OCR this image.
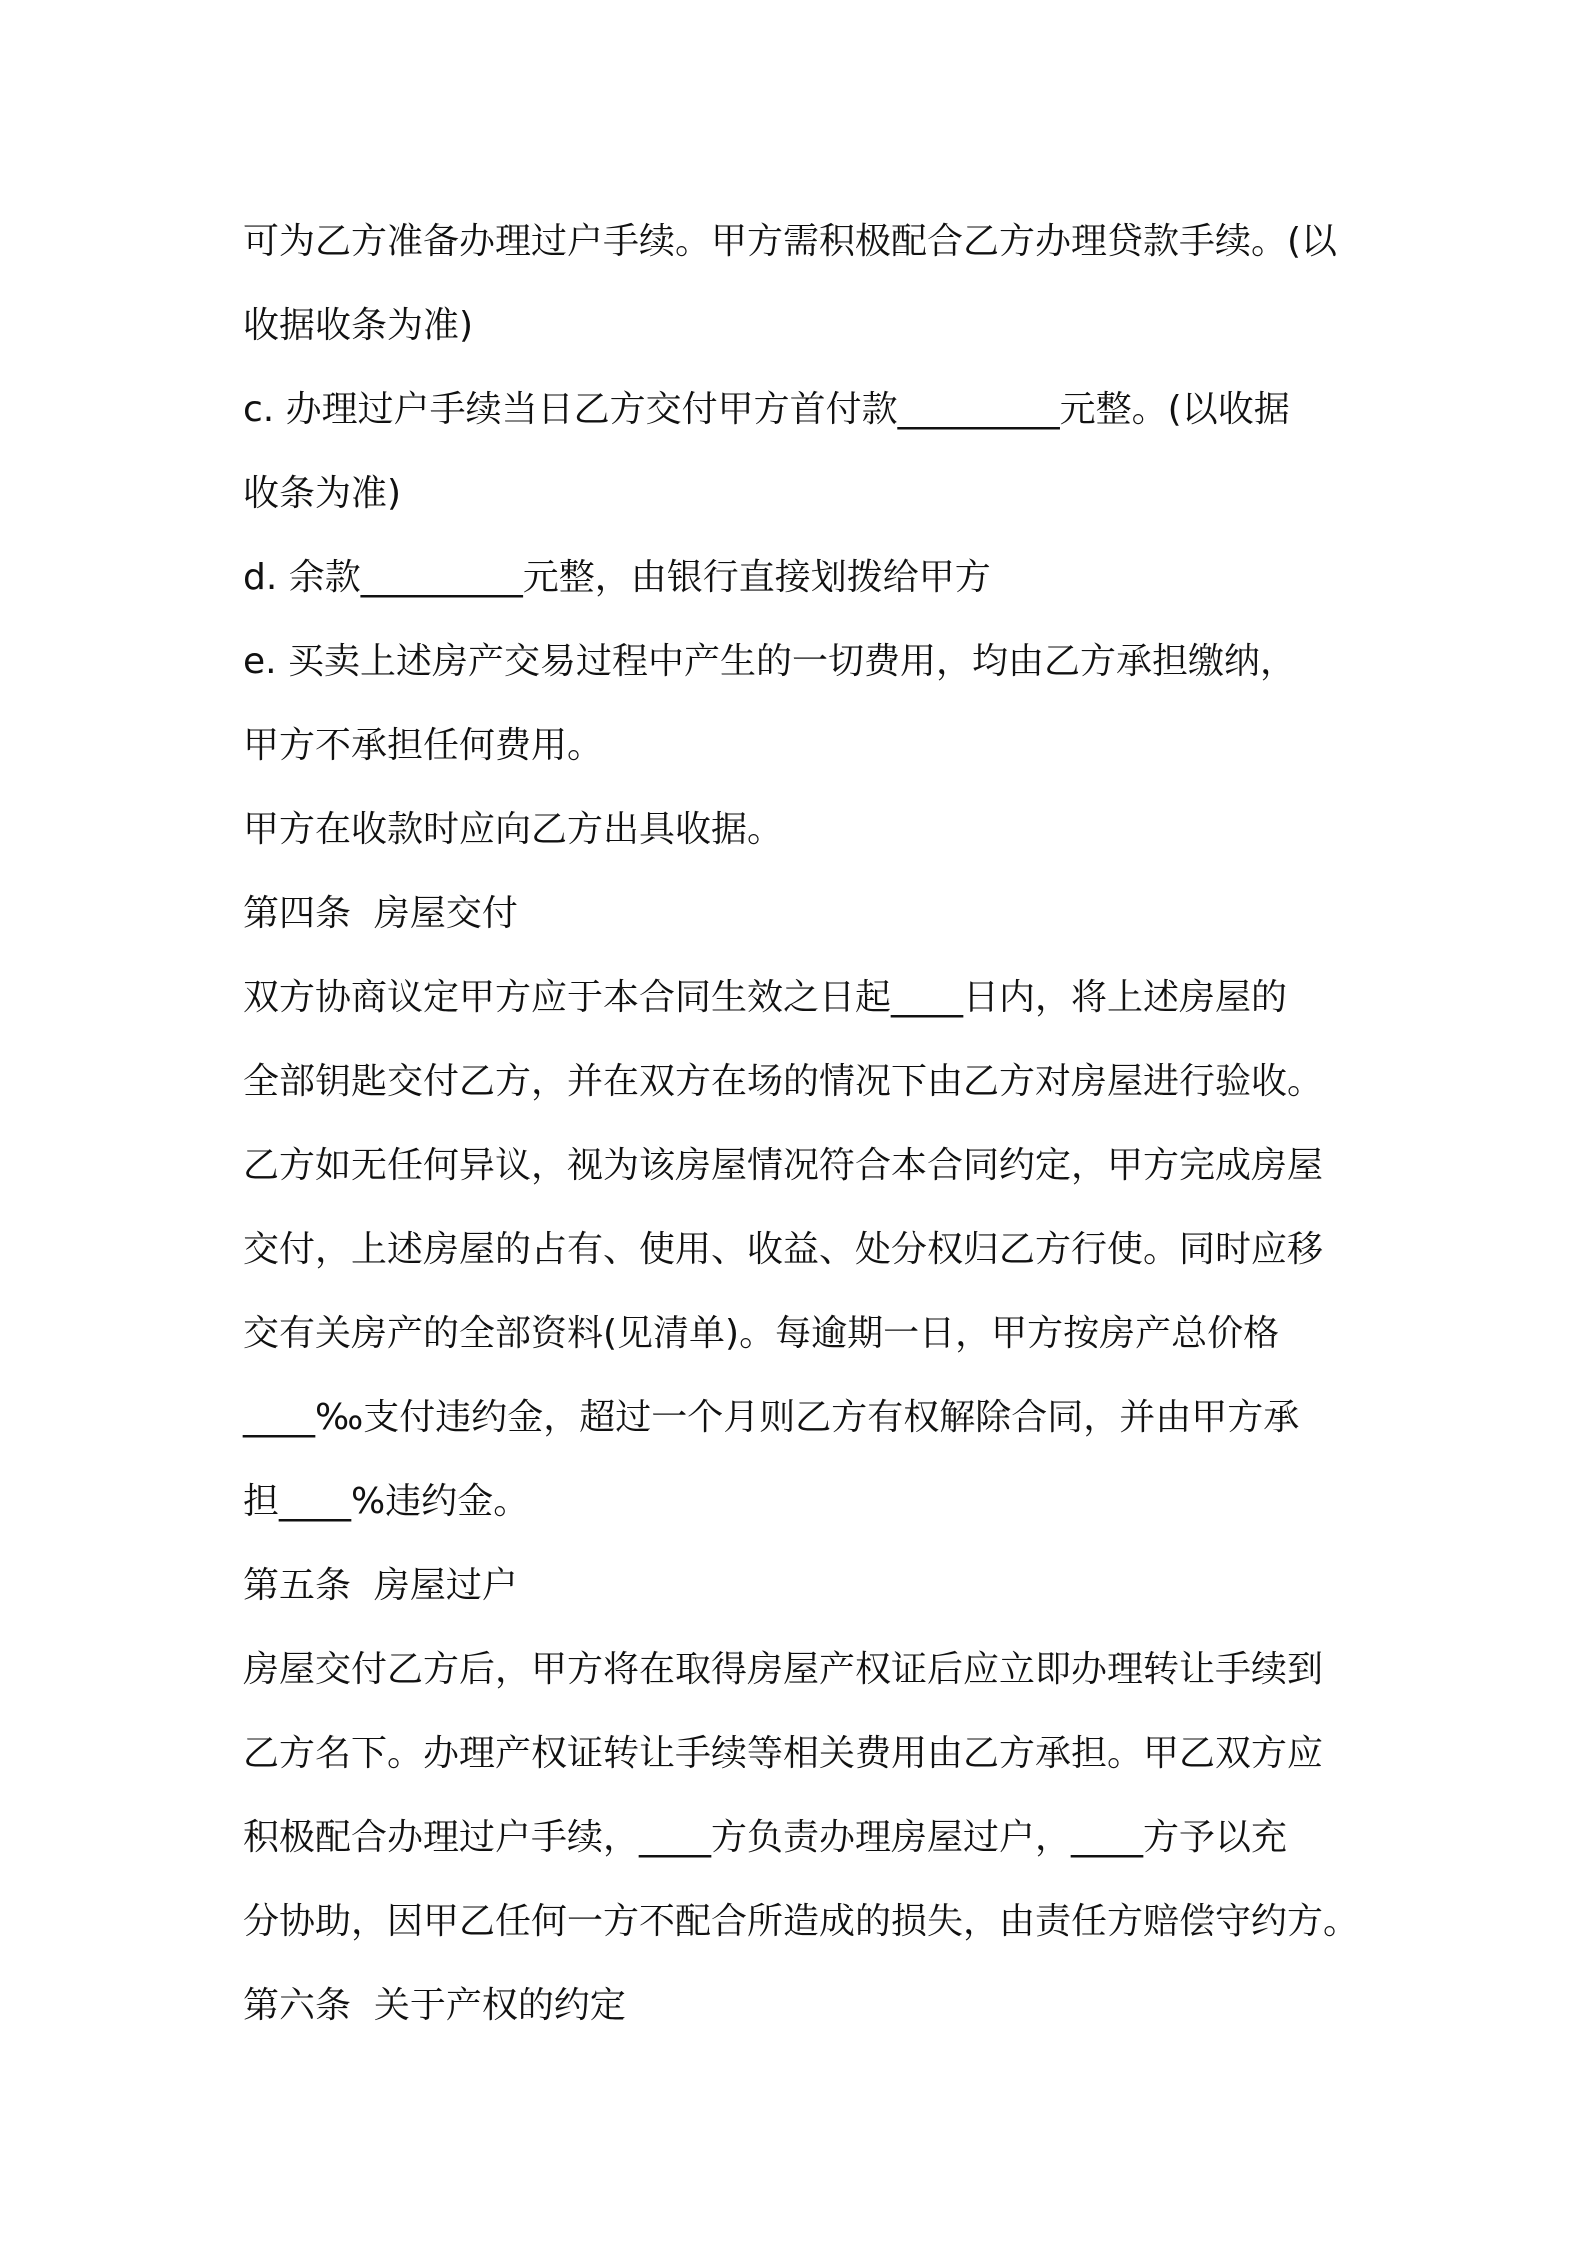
可为乙方准备办理过户手续。甲方需积极配合乙方办理贷款手续。(以
收据收条为准)
c. 办理过户手续当日乙方交付甲方首付款_________元整。(以收据
收条为准)
d. 余款_________元整，由银行直接划拨给甲方
e. 买卖上述房产交易过程中产生的一切费用，均由乙方承担缴纳，
甲方不承担任何费用。
甲方在收款时应向乙方出具收据。
第四条  房屋交付
双方协商议定甲方应于本合同生效之日起____日内，将上述房屋的
全部钥匙交付乙方，并在双方在场的情况下由乙方对房屋进行验收。
乙方如无任何异议，视为该房屋情况符合本合同约定，甲方完成房屋
交付，上述房屋的占有、使用、收益、处分权归乙方行使。同时应移
交有关房产的全部资料(见清单)。每逾期一日，甲方按房产总价格
____‰支付违约金，超过一个月则乙方有权解除合同，并由甲方承
担____%违约金。
第五条  房屋过户
房屋交付乙方后，甲方将在取得房屋产权证后应立即办理转让手续到
乙方名下。办理产权证转让手续等相关费用由乙方承担。甲乙双方应
积极配合办理过户手续，____方负责办理房屋过户，____方予以充
分协助，因甲乙任何一方不配合所造成的损失，由责任方赔偿守约方。
第六条  关于产权的约定
